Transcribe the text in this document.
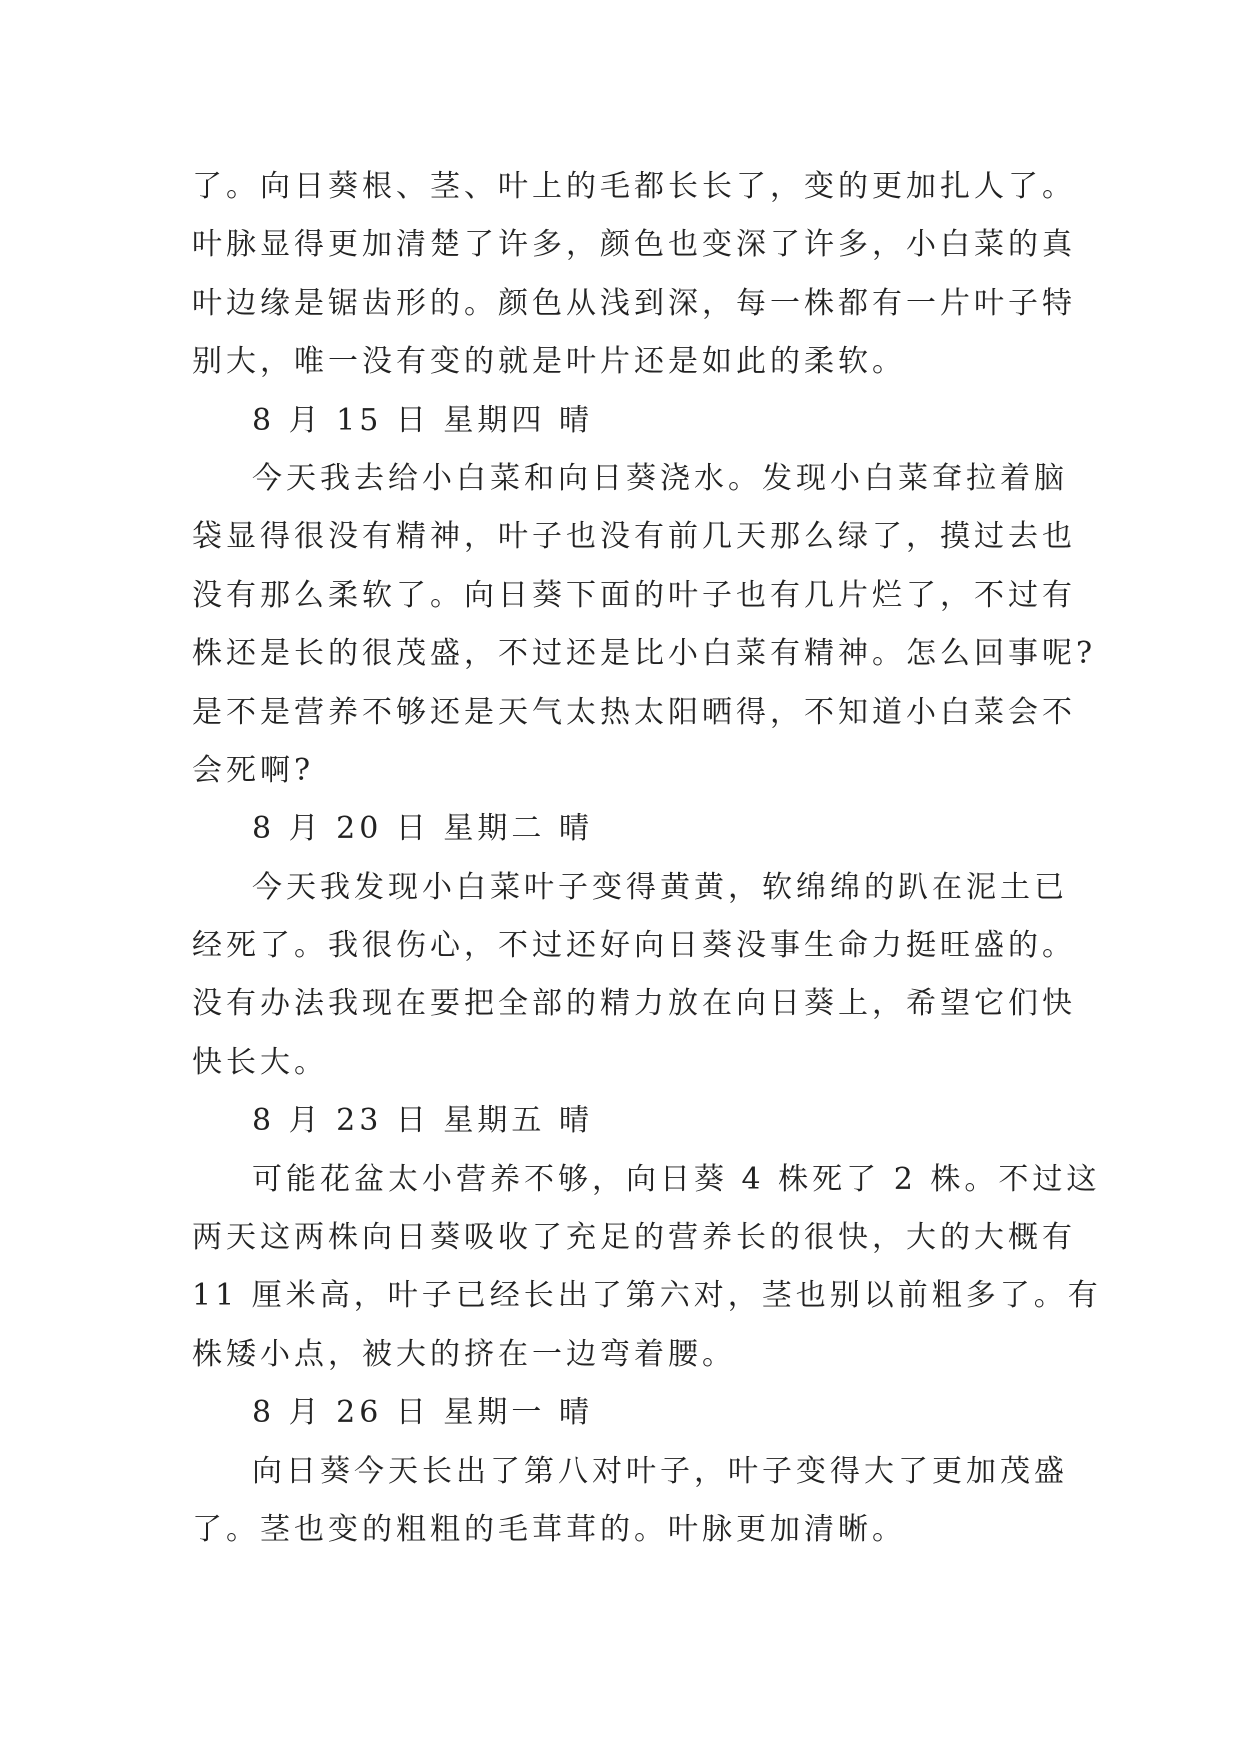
了。向日葵根、茎、叶上的毛都长长了，变的更加扎人了。
叶脉显得更加清楚了许多，颜色也变深了许多，小白菜的真
叶边缘是锯齿形的。颜色从浅到深，每一株都有一片叶子特
别大，唯一没有变的就是叶片还是如此的柔软。
8 月 15 日 星期四 晴
今天我去给小白菜和向日葵浇水。发现小白菜耷拉着脑
袋显得很没有精神，叶子也没有前几天那么绿了，摸过去也
没有那么柔软了。向日葵下面的叶子也有几片烂了，不过有
株还是长的很茂盛，不过还是比小白菜有精神。怎么回事呢?
是不是营养不够还是天气太热太阳晒得，不知道小白菜会不
会死啊?
8 月 20 日 星期二 晴
今天我发现小白菜叶子变得黄黄，软绵绵的趴在泥土已
经死了。我很伤心，不过还好向日葵没事生命力挺旺盛的。
没有办法我现在要把全部的精力放在向日葵上，希望它们快
快长大。
8 月 23 日 星期五 晴
可能花盆太小营养不够，向日葵 4 株死了 2 株。不过这
两天这两株向日葵吸收了充足的营养长的很快，大的大概有
11 厘米高，叶子已经长出了第六对，茎也别以前粗多了。有
株矮小点，被大的挤在一边弯着腰。
8 月 26 日 星期一 晴
向日葵今天长出了第八对叶子，叶子变得大了更加茂盛
了。茎也变的粗粗的毛茸茸的。叶脉更加清晰。
